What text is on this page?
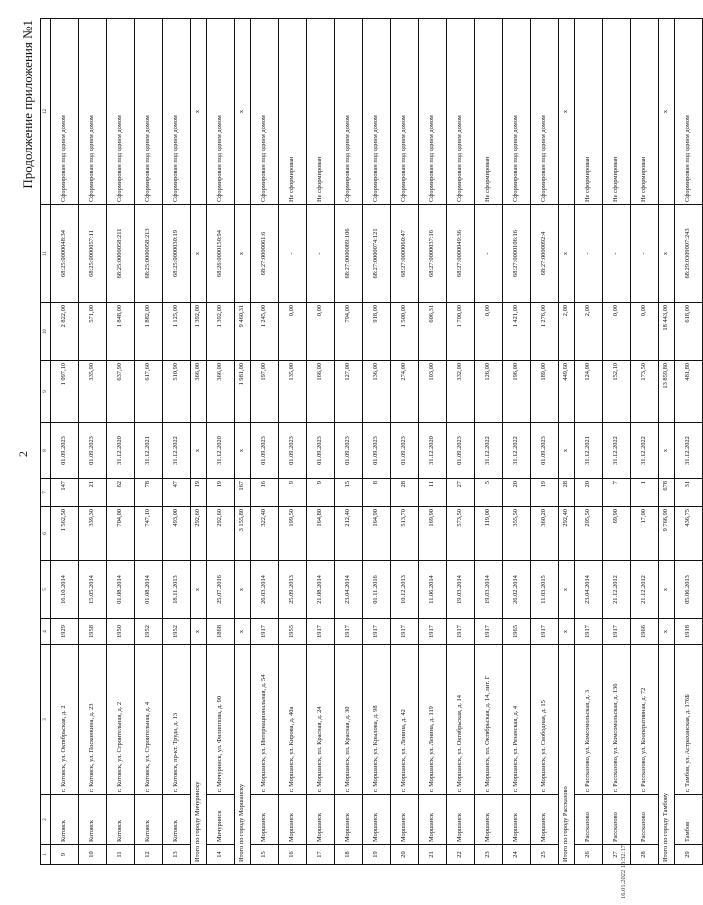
2
Продолжение приложения №1
1	2	3	4	5	6	7	8	9	10	11	12
9	Котовск	г. Котовск, ул. Октябрьская, д. 2	1929	16.10.2014	1 562,50	147	01.09.2023	1 097,10	2 822,00	68:25:0000048:34	Сформирован под одним домом
10	Котовск	г. Котовск, ул. Посконкина, д. 23	1958	15.05.2014	339,30	21	01.09.2023	335,90	571,00	68:25:0000057:11	Сформирован под одним домом
11	Котовск	г. Котовск, ул. Строительная, д. 2	1950	01.08.2014	704,00	62	31.12.2020	637,90	1 848,00	68:25:0000058:211	Сформирован под одним домом
12	Котовск	г. Котовск, ул. Строительная, д. 4	1952	01.08.2014	747,10	78	31.12.2021	617,60	1 882,00	68:25:0000058:213	Сформирован под одним домом
13	Котовск	г. Котовск, пр-кт. Труда, д. 13	1952	18.11.2013	493,00	47	31.12.2022	510,90	1 125,00	68:25:0000030:19	Сформирован под одним домом
Итого по городу Мичуринску			x	x	292,60	19	x	366,00	1 392,00	x	x
14	Мичуринск	г. Мичуринск, ул. Филиппова, д. 90	1868	25.07.2016	292,60	19	31.12.2020	366,00	1 392,00	68:26:0000150:94	Сформирован под одним домом
Итого по городу Моршанску			x	x	3 155,80	167	x	1 981,00	9 460,31	x	x
15	Моршанск	г. Моршанск, ул. Интернациональная, д. 54	1917	26.03.2014	322,40	16	01.09.2023	197,00	1 245,00	68:27:0000061:6	Сформирован под одним домом
16	Моршанск	г. Моршанск, ул. Кирова, д. 40а	1955	25.09.2013	199,50	9	01.09.2023	135,00	0,00	-	Не сформирован
17	Моршанск	г. Моршанск, пл. Красная, д. 24	1917	21.08.2014	164,80	9	01.09.2023	166,00	0,00	-	Не сформирован
18	Моршанск	г. Моршанск, пл. Красная, д. 30	1917	23.04.2014	212,40	15	01.09.2023	127,00	794,00	68:27:0000089:106	Сформирован под одним домом
19	Моршанск	г. Моршанск, ул. Крылова, д. 98	1917	01.11.2016	164,90	8	01.09.2023	136,00	918,00	68:27:0000074:121	Сформирован под одним домом
20	Моршанск	г. Моршанск, ул. Ленина, д. 42	1917	10.12.2013	513,70	28	01.09.2023	274,00	1 500,00	68:27:0000060:47	Сформирован под одним домом
21	Моршанск	г. Моршанск, ул. Ленина, д. 119	1917	11.06.2014	169,90	11	31.12.2020	103,00	606,31	68:27:0000037:16	Сформирован под одним домом
22	Моршанск	г. Моршанск, ул. Октябрьская, д. 14	1917	19.03.2014	573,50	27	01.09.2023	332,00	1 700,00	68:27:0000049:36	Сформирован под одним домом
23	Моршанск	г. Моршанск, пл. Октябрьская, д. 14, лит. Г	1917	19.03.2014	119,00	5	31.12.2022	126,00	0,00	-	Не сформирован
24	Моршанск	г. Моршанск, ул. Рязанская, д. 4	1965	26.02.2014	355,50	20	31.12.2022	196,00	1 421,00	68:27:0000106:16	Сформирован под одним домом
25	Моршанск	г. Моршанск, ул. Свободная, д. 15	1917	11.03.2015	360,20	19	01.09.2023	189,00	1 276,00	68:27:0000092:4	Сформирован под одним домом
Итого по городу Рассказово			x	x	292,40	28	x	449,60	2,00	x	x
26	Рассказово	г. Рассказово, ул. Комсомольская, д. 3	1917	23.04.2014	205,50	20	31.12.2021	124,00	2,00	-	Не сформирован
27	Рассказово	г. Рассказово, ул. Комсомольская, д. 136	1917	21.12.2012	69,90	7	31.12.2022	152,10	0,00	-	Не сформирован
28	Рассказово	г. Рассказово, ул. Кооперативная, д. 72	1966	21.12.2012	17,00	1	31.12.2022	173,50	0,00	-	Не сформирован
Итого по городу Тамбову			x	x	9 766,90	678	x	13 859,80	18 443,00	x	x
29	Тамбов	г. Тамбов, ул. Астраханская, д. 176Б	1918	05.06.2013	436,75	31	31.12.2022	481,80	618,00	68:29:0309007:243	Сформирован под одним домом
16.01.2022 13:32:17
